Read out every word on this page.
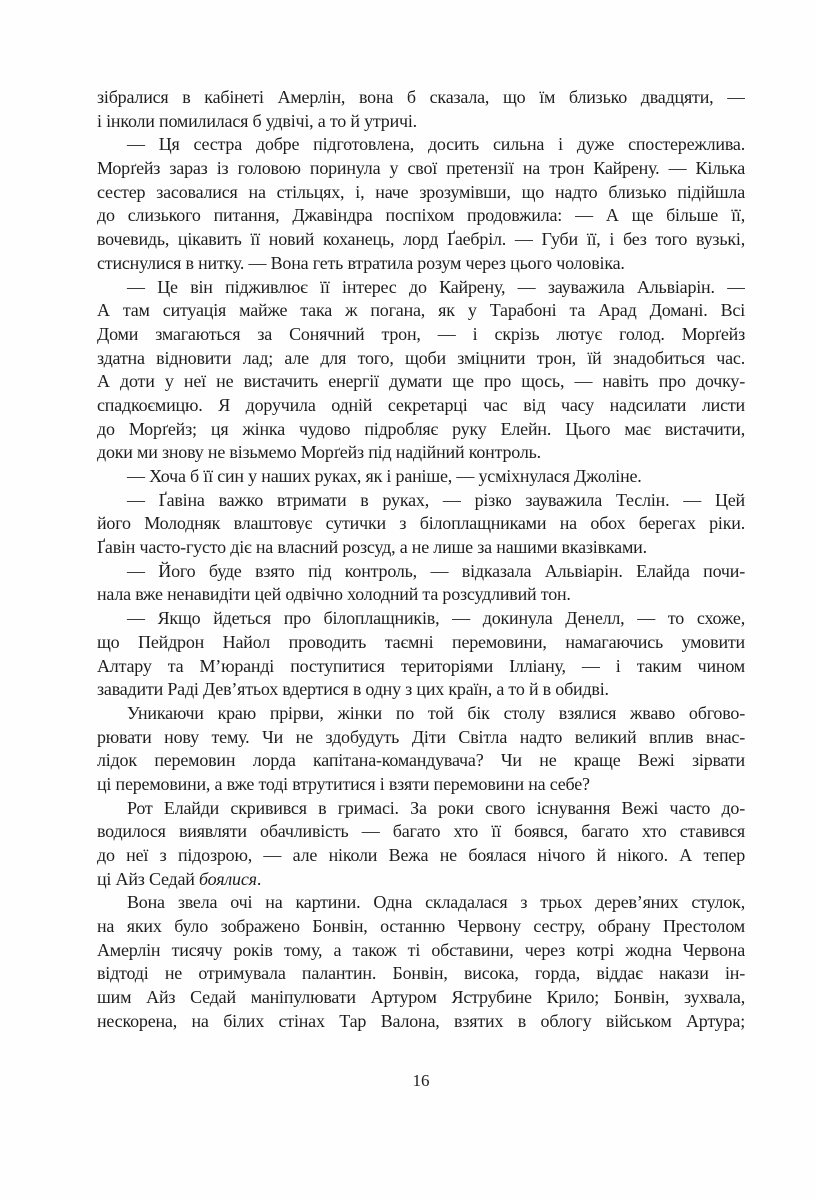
зібралися в кабінеті Амерлін, вона б сказала, що їм близько двадцяти, —
і інколи помилилася б удвічі, а то й утричі.
— Ця сестра добре підготовлена, досить сильна і дуже спостережлива.
Морґейз зараз із головою поринула у свої претензії на трон Кайрену. — Кілька
сестер засовалися на стільцях, і, наче зрозумівши, що надто близько підійшла
до слизького питання, Джавіндра поспіхом продовжила: — А ще більше її,
вочевидь, цікавить її новий коханець, лорд Ґаебріл. — Губи її, і без того вузькі,
стиснулися в нитку. — Вона геть втратила розум через цього чоловіка.
— Це він підживлює її інтерес до Кайрену, — зауважила Альвіарін. —
А там ситуація майже така ж погана, як у Тарабоні та Арад Домані. Всі
Доми змагаються за Сонячний трон, — і скрізь лютує голод. Морґейз
здатна відновити лад; але для того, щоби зміцнити трон, їй знадобиться час.
А доти у неї не вистачить енергії думати ще про щось, — навіть про дочку-
спадкоємицю. Я доручила одній секретарці час від часу надсилати листи
до Морґейз; ця жінка чудово підробляє руку Елейн. Цього має вистачити,
доки ми знову не візьмемо Морґейз під надійний контроль.
— Хоча б її син у наших руках, як і раніше, — усміхнулася Джоліне.
— Ґавіна важко втримати в руках, — різко зауважила Теслін. — Цей
його Молодняк влаштовує сутички з білоплащниками на обох берегах ріки.
Ґавін часто-густо діє на власний розсуд, а не лише за нашими вказівками.
— Його буде взято під контроль, — відказала Альвіарін. Елайда почи-
нала вже ненавидіти цей одвічно холодний та розсудливий тон.
— Якщо йдеться про білоплащників, — докинула Денелл, — то схоже,
що Пейдрон Найол проводить таємні перемовини, намагаючись умовити
Алтару та М’юранді поступитися територіями Ілліану, — і таким чином
завадити Раді Дев’ятьох вдертися в одну з цих країн, а то й в обидві.
Уникаючи краю прірви, жінки по той бік столу взялися жваво обгово-
рювати нову тему. Чи не здобудуть Діти Світла надто великий вплив внас-
лідок перемовин лорда капітана-командувача? Чи не краще Вежі зірвати
ці перемовини, а вже тоді втрутитися і взяти перемовини на себе?
Рот Елайди скривився в гримасі. За роки свого існування Вежі часто до-
водилося виявляти обачливість — багато хто її боявся, багато хто ставився
до неї з підозрою, — але ніколи Вежа не боялася нічого й нікого. А тепер
ці Айз Седай боялися.
Вона звела очі на картини. Одна складалася з трьох дерев’яних стулок,
на яких було зображено Бонвін, останню Червону сестру, обрану Престолом
Амерлін тисячу років тому, а також ті обставини, через котрі жодна Червона
відтоді не отримувала палантин. Бонвін, висока, горда, віддає накази ін-
шим Айз Седай маніпулювати Артуром Яструбине Крило; Бонвін, зухвала,
нескорена, на білих стінах Тар Валона, взятих в облогу військом Артура;
16
